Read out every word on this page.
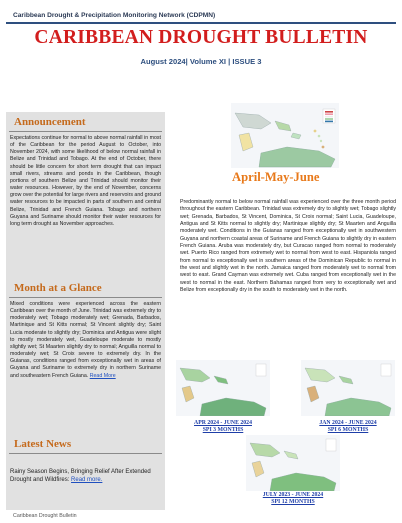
Caribbean Drought & Precipitation Monitoring Network (CDPMN)
CARIBBEAN DROUGHT BULLETIN
August 2024| Volume XI | ISSUE 3
Announcement
Expectations continue for normal to above normal rainfall in most of the Caribbean for the period August to October, into November 2024, with some likelihood of below normal rainfall in Belize and Trinidad and Tobago. At the end of October, there should be little concern for short term drought that can impact small rivers, streams and ponds in the Caribbean, though portions of southern Belize and Trinidad should monitor their water resources. However, by the end of November, concerns grow over the potential for large rivers and reservoirs and ground water resources to be impacted in parts of southern and central Belize, Trinidad and French Guiana. Tobago and northern Guyana and Suriname should monitor their water resources for long term drought as November approaches.
Month at a Glance
Mixed conditions were experienced across the eastern Caribbean over the month of June. Trinidad was extremely dry to moderately wet; Tobago moderately wet; Grenada, Barbados, Martinique and St Kitts normal; St Vincent slightly dry; Saint Lucia moderate to slightly dry; Dominica and Antigua were slight to mostly moderately wet, Guadeloupe moderate to mostly slightly wet; St Maarten slightly dry to normal; Anguilla normal to moderately wet; St Croix severe to extremely dry. In the Guianas, conditions ranged from exceptionally wet in areas of Guyana and Suriname to extremely dry in northern Suriname and southeastern French Guiana. Read More
Latest News
Rainy Season Begins, Bringing Relief After Extended Drought and Wildfires: Read more.
April-May-June
Predominantly normal to below normal rainfall was experienced over the three month period throughout the eastern Caribbean. Trinidad was extremely dry to slightly wet; Tobago slightly wet; Grenada, Barbados, St Vincent, Dominica, St Croix normal; Saint Lucia, Guadeloupe, Antigua and St Kitts normal to slightly dry; Martinique slightly dry; St Maarten and Anguilla moderately wet. Conditions in the Guianas ranged from exceptionally wet in southwestern Guyana and northern coastal areas of Suriname and French Guiana to slightly dry in eastern French Guiana. Aruba was moderately dry, but Curacao ranged from normal to moderately wet. Puerto Rico ranged from extremely wet to normal from west to east. Hispaniola ranged from normal to exceptionally wet in southern areas of the Dominican Republic to normal in the west and slightly wet in the north. Jamaica ranged from moderately wet to normal from west to east. Grand Cayman was extremely wet. Cuba ranged from exceptionally wet in the west to normal in the east. Northern Bahamas ranged from very to exceptionally wet and Belize from exceptionally dry in the south to moderately wet in the north.
APR 2024 - JUNE 2024
SPI 3 MONTHS
JAN 2024 - JUNE 2024
SPI 6 MONTHS
JULY 2023 - JUNE 2024
SPI 12 MONTHS
Caribbean Drought Bulletin
